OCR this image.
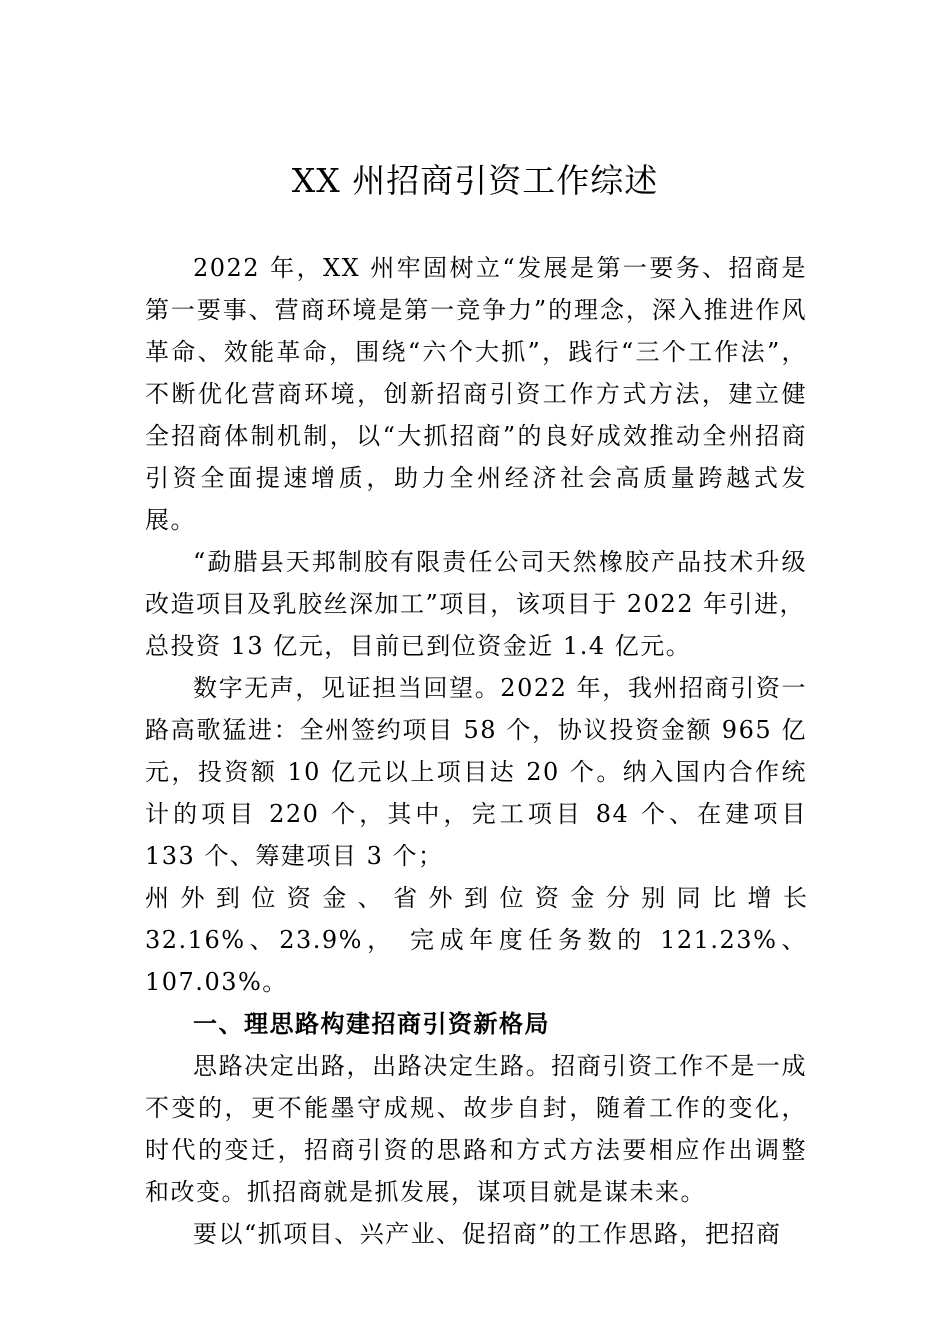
XX 州招商引资工作综述

2022 年，XX 州牢固树立“发展是第一要务、招商是第一要事、营商环境是第一竞争力”的理念，深入推进作风革命、效能革命，围绕“六个大抓”，践行“三个工作法”，不断优化营商环境，创新招商引资工作方式方法，建立健全招商体制机制，以“大抓招商”的良好成效推动全州招商引资全面提速增质，助力全州经济社会高质量跨越式发展。

“勐腊县天邦制胶有限责任公司天然橡胶产品技术升级改造项目及乳胶丝深加工”项目，该项目于 2022 年引进，

总投资 13 亿元，目前已到位资金近 1.4 亿元。

数字无声，见证担当回望。2022 年，我州招商引资一路高歌猛进：全州签约项目 58 个，协议投资金额 965 亿元，投资额 10 亿元以上项目达 20 个。纳入国内合作统计的项目 220 个，其中，完工项目 84 个、在建项目 133 个、筹建项目 3 个；

州外到位资金、省外到位资金分别同比增长

32.16%、23.9%， 完成年度任务数的 121.23%、107.03%。

一、理思路构建招商引资新格局

思路决定出路，出路决定生路。招商引资工作不是一成不变的，更不能墨守成规、故步自封，随着工作的变化，时代的变迁，招商引资的思路和方式方法要相应作出调整和改变。抓招商就是抓发展，谋项目就是谋未来。

要以“抓项目、兴产业、促招商”的工作思路，把招商
